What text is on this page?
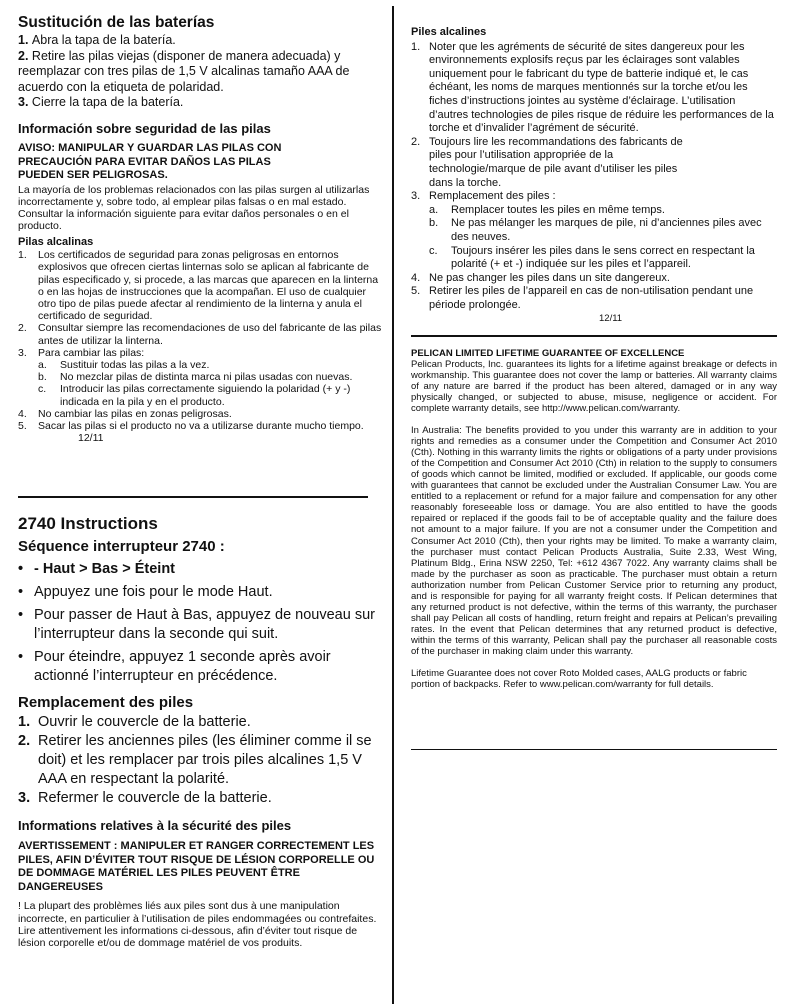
Sustitución de las baterías
1.
Abra la tapa de la batería.
2. Retire las pilas viejas (disponer de manera adecuada) y reemplazar con tres pilas de 1,5 V alcalinas tamaño AAA de acuerdo con la etiqueta de polaridad.
3.
Cierre la tapa de la batería.
Información sobre seguridad de las pilas
AVISO: MANIPULAR Y GUARDAR LAS PILAS CON PRECAUCIÓN PARA EVITAR DAÑOS LAS PILAS PUEDEN SER PELIGROSAS.
La mayoría de los problemas relacionados con las pilas surgen al utilizarlas incorrectamente y, sobre todo, al emplear pilas falsas o en mal estado. Consultar la información siguiente para evitar daños personales o en el producto.
Pilas alcalinas
1.	Los certificados de seguridad para zonas peligrosas en entornos explosivos que ofrecen ciertas linternas solo se aplican al fabricante de pilas especificado y, si procede, a las marcas que aparecen en la linterna o en las hojas de instrucciones que la acompañan. El uso de cualquier otro tipo de pilas puede afectar al rendimiento de la linterna y anula el certificado de seguridad.
2.	Consultar siempre las recomendaciones de uso del fabricante de las pilas antes de utilizar la linterna.
3.	Para cambiar las pilas:
a.	Sustituir todas las pilas a la vez.
b.	No mezclar pilas de distinta marca ni pilas usadas con nuevas.
c.	Introducir las pilas correctamente siguiendo la polaridad (+ y -) indicada en la pila y en el producto.
4.	No cambiar las pilas en zonas peligrosas.
5.	Sacar las pilas si el producto no va a utilizarse durante mucho tiempo.12/11
2740 Instructions
Séquence interrupteur 2740 :
• - Haut > Bas > Éteint
• Appuyez une fois pour le mode Haut.
• Pour passer de Haut à Bas, appuyez de nouveau sur l’interrupteur dans la seconde qui suit.
• Pour éteindre, appuyez 1 seconde après avoir actionné l’interrupteur en précédence.
Remplacement des piles
1. Ouvrir le couvercle de la batterie.
2. Retirer les anciennes piles (les éliminer comme il se doit) et les remplacer par trois piles alcalines 1,5 V AAA en respectant la polarité.
3. Refermer le couvercle de la batterie.
Informations relatives à la sécurité des piles
AVERTISSEMENT : MANIPULER ET RANGER CORRECTEMENT LES PILES, AFIN D’ÉVITER TOUT RISQUE DE LÉSION CORPORELLE OU DE DOMMAGE MATÉRIEL LES PILES PEUVENT ÊTRE DANGEREUSES
! La plupart des problèmes liés aux piles sont dus à une manipulation incorrecte, en particulier à l’utilisation de piles endommagées ou contrefaites. Lire attentivement les informations ci-dessous, afin d’éviter tout risque de lésion corporelle et/ou de dommage matériel de vos produits.
Piles alcalines
1. Noter que les agréments de sécurité de sites dangereux pour les environnements explosifs reçus par les éclairages sont valables uniquement pour le fabricant du type de batterie indiqué et, le cas échéant, les noms de marques mentionnés sur la torche et/ou les fiches d’instructions jointes au système d’éclairage. L’utilisation d’autres technologies de piles risque de réduire les performances de la torche et d’invalider l’agrément de sécurité.
2. Toujours lire les recommandations des fabricants de piles pour l’utilisation appropriée de la technologie/marque de pile avant d’utiliser les piles dans la torche.
3. Remplacement des piles :
a.	Remplacer toutes les piles en même temps.
b.	Ne pas mélanger les marques de pile, ni d’anciennes piles avec des neuves.
c.	Toujours insérer les piles dans le sens correct en respectant la polarité (+ et -) indiquée sur les piles et l’appareil.
4. Ne pas changer les piles dans un site dangereux.
5. Retirer les piles de l’appareil en cas de non-utilisation pendant une période prolongée.
12/11
PELICAN LIMITED LIFETIME GUARANTEE OF EXCELLENCE
Pelican Products, Inc. guarantees its lights for a lifetime against breakage or defects in workmanship. This guarantee does not cover the lamp or batteries. All warranty claims of any nature are barred if the product has been altered, damaged or in any way physically changed, or subjected to abuse, misuse, negligence or accident. For complete warranty details, see http://www.pelican.com/warranty.
In Australia: The benefits provided to you under this warranty are in addition to your rights and remedies as a consumer under the Competition and Consumer Act 2010 (Cth). Nothing in this warranty limits the rights or obligations of a party under provisions of the Competition and Consumer Act 2010 (Cth) in relation to the supply to consumers of goods which cannot be limited, modified or excluded. If applicable, our goods come with guarantees that cannot be excluded under the Australian Consumer Law. You are entitled to a replacement or refund for a major failure and compensation for any other reasonably foreseeable loss or damage. You are also entitled to have the goods repaired or replaced if the goods fail to be of acceptable quality and the failure does not amount to a major failure. If you are not a consumer under the Competition and Consumer Act 2010 (Cth), then your rights may be limited. To make a warranty claim, the purchaser must contact Pelican Products Australia, Suite 2.33, West Wing, Platinum Bldg., Erina NSW 2250, Tel: +612 4367 7022. Any warranty claims shall be made by the purchaser as soon as practicable. The purchaser must obtain a return authorization number from Pelican Customer Service prior to returning any product, and is responsible for paying for all warranty freight costs. If Pelican determines that any returned product is not defective, within the terms of this warranty, the purchaser shall pay Pelican all costs of handling, return freight and repairs at Pelican’s prevailing rates. In the event that Pelican determines that any returned product is defective, within the terms of this warranty, Pelican shall pay the purchaser all reasonable costs of the purchaser in making claim under this warranty.
Lifetime Guarantee does not cover Roto Molded cases, AALG products or fabric portion of backpacks. Refer to www.pelican.com/warranty for full details.
